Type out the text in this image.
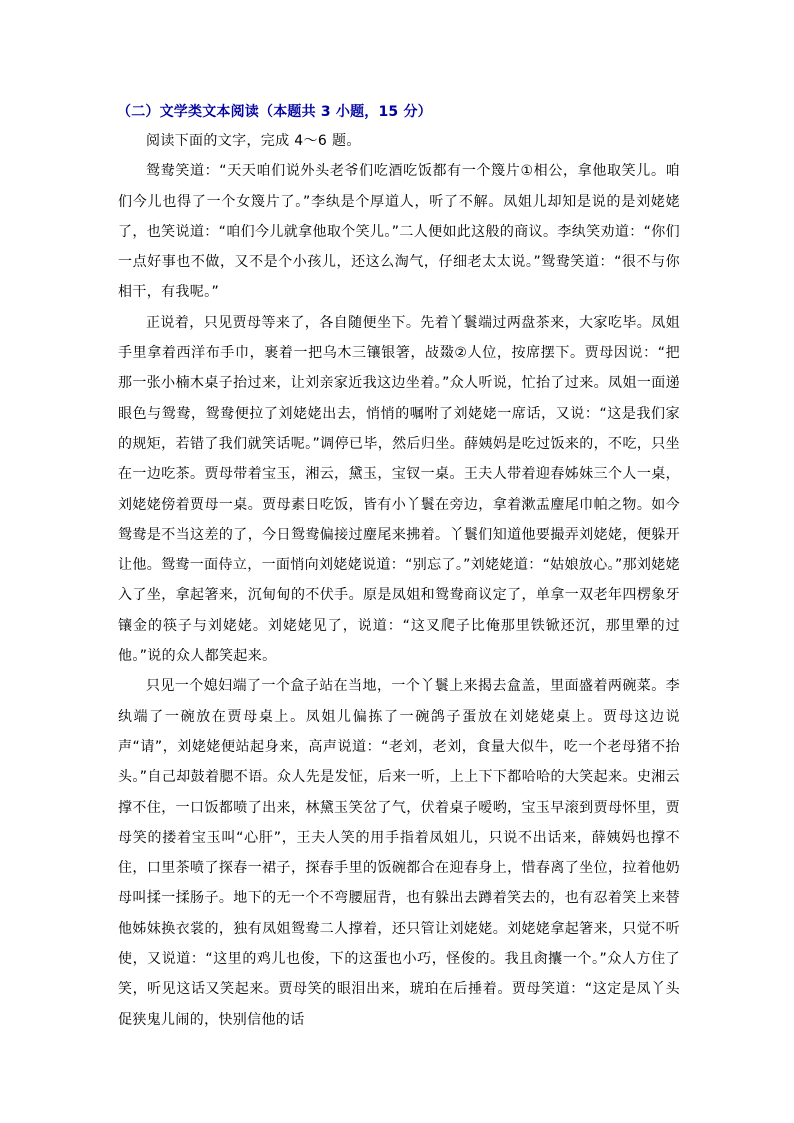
（二）文学类文本阅读（本题共 3 小题，15 分）

阅读下面的文字，完成 4～6 题。

鸳鸯笑道：“天天咱们说外头老爷们吃酒吃饭都有一个篾片①相公，拿他取笑儿。咱们今儿也得了一个女篾片了。”李纨是个厚道人，听了不解。凤姐儿却知是说的是刘姥姥了，也笑说道：“咱们今儿就拿他取个笑儿。”二人便如此这般的商议。李纨笑劝道：“你们一点好事也不做，又不是个小孩儿，还这么淘气，仔细老太太说。”鸳鸯笑道：“很不与你相干，有我呢。”

正说着，只见贾母等来了，各自随便坐下。先着丫鬟端过两盘茶来，大家吃毕。凤姐手里拿着西洋布手巾，裹着一把乌木三镶银箸，敁敠②人位，按席摆下。贾母因说：“把那一张小楠木桌子抬过来，让刘亲家近我这边坐着。”众人听说，忙抬了过来。凤姐一面递眼色与鸳鸯，鸳鸯便拉了刘姥姥出去，悄悄的嘱咐了刘姥姥一席话，又说：“这是我们家的规矩，若错了我们就笑话呢。”调停已毕，然后归坐。薛姨妈是吃过饭来的，不吃，只坐在一边吃茶。贾母带着宝玉，湘云，黛玉，宝钗一桌。王夫人带着迎春姊妹三个人一桌，刘姥姥傍着贾母一桌。贾母素日吃饭，皆有小丫鬟在旁边，拿着漱盂麈尾巾帕之物。如今鸳鸯是不当这差的了，今日鸳鸯偏接过麈尾来拂着。丫鬟们知道他要撮弄刘姥姥，便躲开让他。鸳鸯一面侍立，一面悄向刘姥姥说道：“别忘了。”刘姥姥道：“姑娘放心。”那刘姥姥入了坐，拿起箸来，沉甸甸的不伏手。原是凤姐和鸳鸯商议定了，单拿一双老年四楞象牙镶金的筷子与刘姥姥。刘姥姥见了，说道：“这叉爬子比俺那里铁锨还沉，那里犟的过他。”说的众人都笑起来。

只见一个媳妇端了一个盒子站在当地，一个丫鬟上来揭去盒盖，里面盛着两碗菜。李纨端了一碗放在贾母桌上。凤姐儿偏拣了一碗鸽子蛋放在刘姥姥桌上。贾母这边说声“请”，刘姥姥便站起身来，高声说道：“老刘，老刘，食量大似牛，吃一个老母猪不抬头。”自己却鼓着腮不语。众人先是发怔，后来一听，上上下下都哈哈的大笑起来。史湘云撑不住，一口饭都喷了出来，林黛玉笑岔了气，伏着桌子嗳哟，宝玉早滚到贾母怀里，贾母笑的搂着宝玉叫“心肝”，王夫人笑的用手指着凤姐儿，只说不出话来，薛姨妈也撑不住，口里茶喷了探春一裙子，探春手里的饭碗都合在迎春身上，惜春离了坐位，拉着他奶母叫揉一揉肠子。地下的无一个不弯腰屈背，也有躲出去蹲着笑去的，也有忍着笑上来替他姊妹换衣裳的，独有凤姐鸳鸯二人撑着，还只管让刘姥姥。刘姥姥拿起箸来，只觉不听使，又说道：“这里的鸡儿也俊，下的这蛋也小巧，怪俊的。我且肏攮一个。”众人方住了笑，听见这话又笑起来。贾母笑的眼泪出来，琥珀在后捶着。贾母笑道：“这定是凤丫头促狭鬼儿闹的，快别信他的话
